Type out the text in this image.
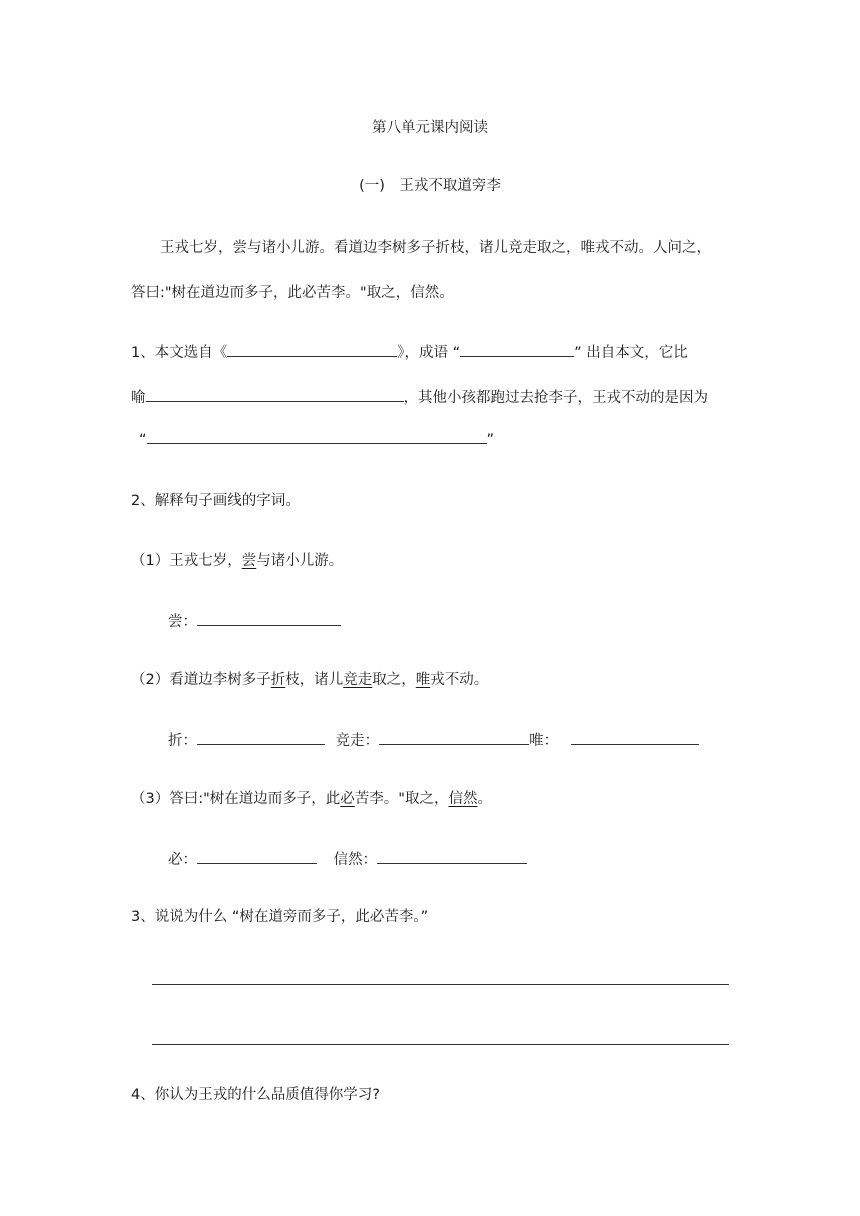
第八单元课内阅读
(一)　王戎不取道旁李
王戎七岁，尝与诸小儿游。看道边李树多子折枝，诸儿竞走取之，唯戎不动。人问之，
答曰:"树在道边而多子，此必苦李。"取之，信然。
1、本文选自《	》，成语 “	” 出自本文，它比
喻	，其他小孩都跑过去抢李子，王戎不动的是因为
“	”
2、解释句子画线的字词。
（1）王戎七岁，尝与诸小儿游。
尝：
（2）看道边李树多子折枝，诸儿竞走取之，唯戎不动。
折：	竞走：	唯：
（3）答曰:"树在道边而多子，此必苦李。"取之，信然。
必：	信然：
3、说说为什么 “树在道旁而多子，此必苦李。”
4、你认为王戎的什么品质值得你学习?
